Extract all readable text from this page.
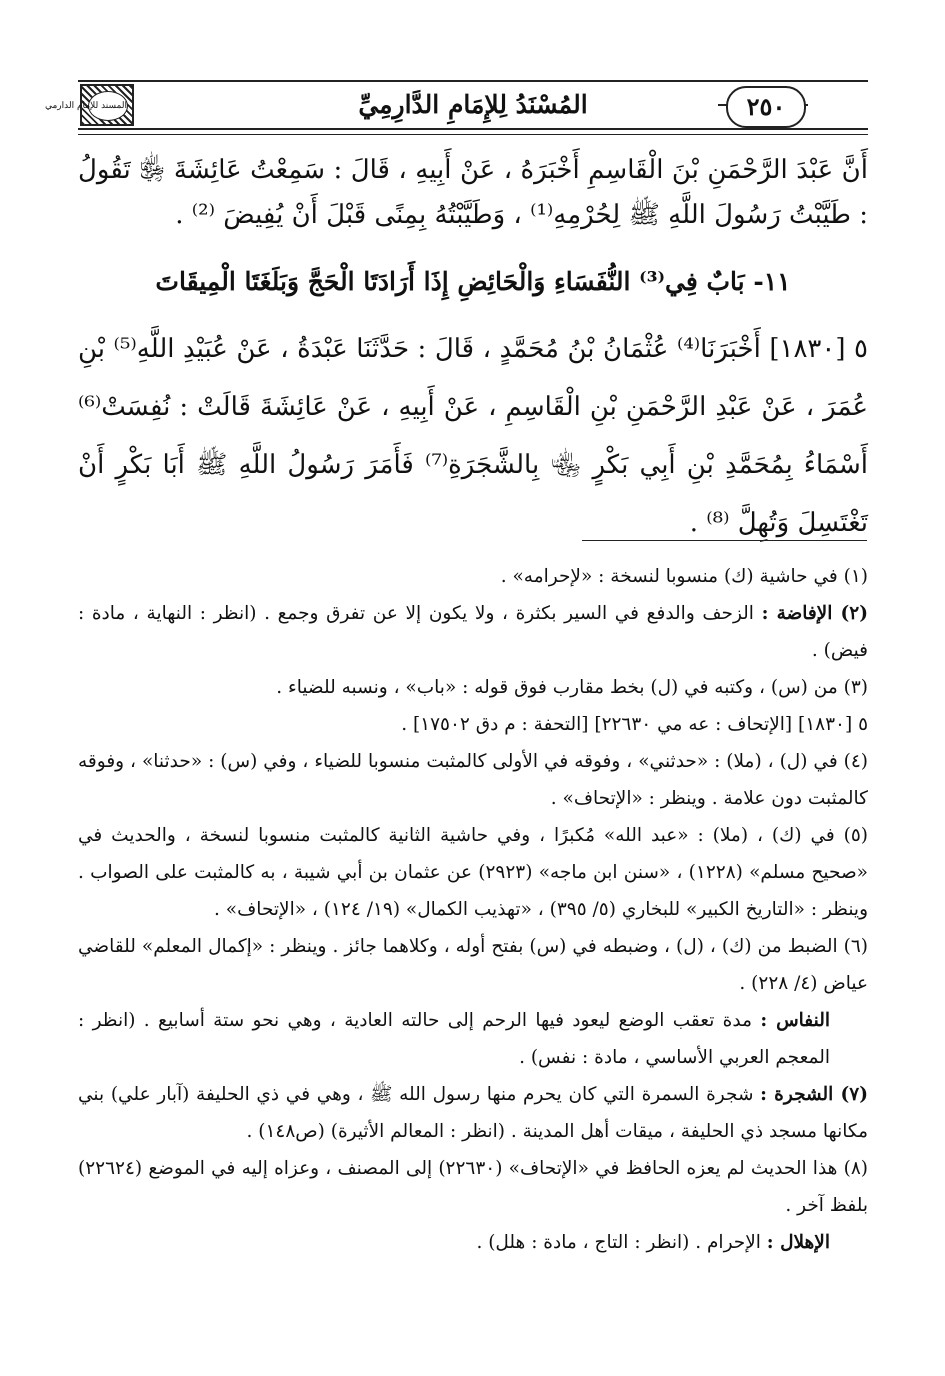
٢٥٠
المُسْنَدُ لِلإِمَامِ الدَّارِمِيِّ
المسند للإمام الدارمي

أَنَّ عَبْدَ الرَّحْمَنِ بْنَ الْقَاسِمِ أَخْبَرَهُ ، عَنْ أَبِيهِ ، قَالَ : سَمِعْتُ عَائِشَةَ ﵂ تَقُولُ : طَيَّبْتُ رَسُولَ اللَّهِ ﷺ لِحُرْمِهِ⁽¹⁾ ، وَطَيَّبْتُهُ بِمِنًى قَبْلَ أَنْ يُفِيضَ ⁽²⁾ .

١١- بَابٌ فِي⁽³⁾ النُّفَسَاءِ وَالْحَائِضِ إِذَا أَرَادَتَا الْحَجَّ وَبَلَغَتَا الْمِيقَاتَ

٥ [١٨٣٠] أَخْبَرَنَا⁽⁴⁾ عُثْمَانُ بْنُ مُحَمَّدٍ ، قَالَ : حَدَّثَنَا عَبْدَةُ ، عَنْ عُبَيْدِ اللَّهِ⁽⁵⁾ بْنِ عُمَرَ ، عَنْ عَبْدِ الرَّحْمَنِ بْنِ الْقَاسِمِ ، عَنْ أَبِيهِ ، عَنْ عَائِشَةَ قَالَتْ : نُفِسَتْ⁽⁶⁾ أَسْمَاءُ بِمُحَمَّدِ بْنِ أَبِي بَكْرٍ ﵄ بِالشَّجَرَةِ⁽⁷⁾ فَأَمَرَ رَسُولُ اللَّهِ ﷺ أَبَا بَكْرٍ أَنْ تَغْتَسِلَ وَتُهِلَّ ⁽⁸⁾ .

(١) في حاشية (ك) منسوبا لنسخة : «لإحرامه» .

(٢) الإفاضة : الزحف والدفع في السير بكثرة ، ولا يكون إلا عن تفرق وجمع . (انظر : النهاية ، مادة : فيض) .

(٣) من (س) ، وكتبه في (ل) بخط مقارب فوق قوله : «باب» ، ونسبه للضياء .

٥ [١٨٣٠] [الإتحاف : عه مي ٢٢٦٣٠] [التحفة : م دق ١٧٥٠٢] .

(٤) في (ل) ، (ملا) : «حدثني» ، وفوقه في الأولى كالمثبت منسوبا للضياء ، وفي (س) : «حدثنا» ، وفوقه كالمثبت دون علامة . وينظر : «الإتحاف» .

(٥) في (ك) ، (ملا) : «عبد الله» مُكبرًا ، وفي حاشية الثانية كالمثبت منسوبا لنسخة ، والحديث في «صحيح مسلم» (١٢٢٨) ، «سنن ابن ماجه» (٢٩٢٣) عن عثمان بن أبي شيبة ، به كالمثبت على الصواب . وينظر : «التاريخ الكبير» للبخاري (٥/ ٣٩٥) ، «تهذيب الكمال» (١٩/ ١٢٤) ، «الإتحاف» .

(٦) الضبط من (ك) ، (ل) ، وضبطه في (س) بفتح أوله ، وكلاهما جائز . وينظر : «إكمال المعلم» للقاضي عياض (٤/ ٢٢٨) .

النفاس : مدة تعقب الوضع ليعود فيها الرحم إلى حالته العادية ، وهي نحو ستة أسابيع . (انظر : المعجم العربي الأساسي ، مادة : نفس) .

(٧) الشجرة : شجرة السمرة التي كان يحرم منها رسول الله ﷺ ، وهي في ذي الحليفة (آبار علي) بني مكانها مسجد ذي الحليفة ، ميقات أهل المدينة . (انظر : المعالم الأثيرة) (ص١٤٨) .

(٨) هذا الحديث لم يعزه الحافظ في «الإتحاف» (٢٢٦٣٠) إلى المصنف ، وعزاه إليه في الموضع (٢٢٦٢٤) بلفظ آخر .

الإهلال : الإحرام . (انظر : التاج ، مادة : هلل) .
